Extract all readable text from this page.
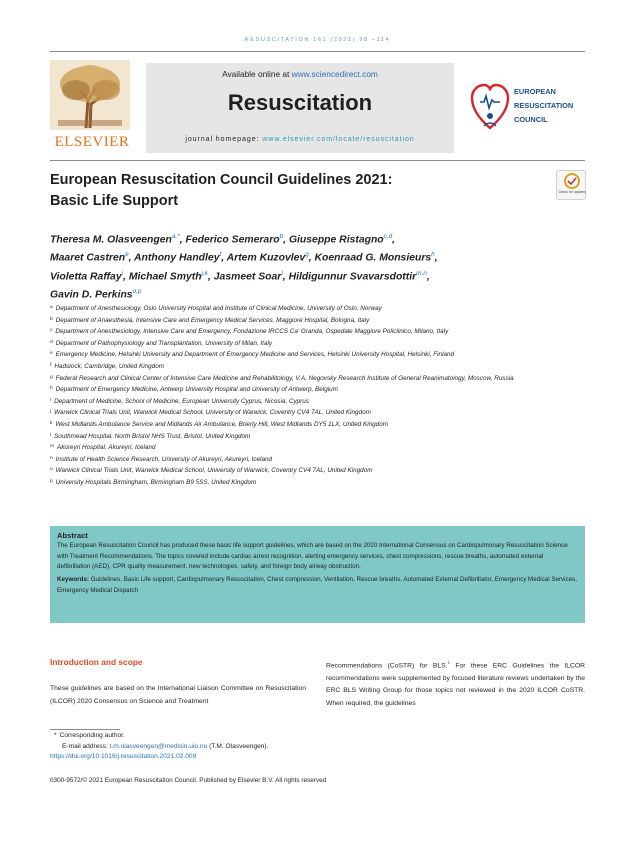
RESUSCITATION 161 (2021) 98 –114
ELSEVIER
Available online at www.sciencedirect.com
Resuscitation
journal homepage: www.elsevier.com/locate/resuscitation
EUROPEAN
RESUSCITATION
COUNCIL
European Resuscitation Council Guidelines 2021:
Basic Life Support
Check for updates
Theresa M. Olasveengen$^{a,*}$, Federico Semeraro$^b$, Giuseppe Ristagno$^{c,d}$,
Maaret Castren$^e$, Anthony Handley$^f$, Artem Kuzovlev$^g$, Koenraad G. Monsieurs$^h$,
Violetta Raffay$^i$, Michael Smyth$^{j,k}$, Jasmeet Soar$^l$, Hildigunnur Svavarsdottir$^{m,n}$,
Gavin D. Perkins$^{o,p}$
$^a$ Department of Anesthesiology, Oslo University Hospital and Institute of Clinical Medicine, University of Oslo, Norway
$^b$ Department of Anaesthesia, Intensive Care and Emergency Medical Services, Maggiore Hospital, Bologna, Italy
$^c$ Department of Anesthesiology, Intensive Care and Emergency, Fondazione IRCCS Ca' Granda, Ospedale Maggiore Policlinico, Milano, Italy
$^d$ Department of Pathophysiology and Transplantation, University of Milan, Italy
$^e$ Emergency Medicine, Helsinki University and Department of Emergency Medicine and Services, Helsinki University Hospital, Helsinki, Finland
$^f$ Hadstock, Cambridge, United Kingdom
$^g$ Federal Research and Clinical Center of Intensive Care Medicine and Rehabilitology, V.A. Negovsky Research Institute of General Reanimatology, Moscow, Russia
$^h$ Department of Emergency Medicine, Antwerp University Hospital and University of Antwerp, Belgium
$^i$ Department of Medicine, School of Medicine, European University Cyprus, Nicosia, Cyprus
$^j$ Warwick Clinical Trials Unit, Warwick Medical School, University of Warwick, Coventry CV4 7AL, United Kingdom
$^k$ West Midlands Ambulance Service and Midlands Air Ambulance, Brierly Hill, West Midlands DY5 1LX, United Kingdom
$^l$ Southmead Hospital, North Bristol NHS Trust, Bristol, United Kingdom
$^m$ Akureyri Hospital, Akureyri, Iceland
$^n$ Institute of Health Science Research, University of Akureyri, Akureyri, Iceland
$^o$ Warwick Clinical Trials Unit, Warwick Medical School, University of Warwick, Coventry CV4 7AL, United Kingdom
$^p$ University Hospitals Birmingham, Birmingham B9 5SS, United Kingdom
Abstract
The European Resuscitation Council has produced these basic life support guidelines, which are based on the 2020 International Consensus on Cardiopulmonary Resuscitation Science with Treatment Recommendations. The topics covered include cardiac arrest recognition, alerting emergency services, chest compressions, rescue breaths, automated external defibrillation (AED), CPR quality measurement, new technologies, safety, and foreign body airway obstruction.
Keywords: Guidelines, Basic Life support, Cardiopulmonary Resuscitation, Chest compression, Ventilation, Rescue breaths, Automated External Defibrillator, Emergency Medical Services, Emergency Medical Dispatch
Introduction and scope
These guidelines are based on the International Liaison Committee on Resuscitation (ILCOR) 2020 Consensus on Science and Treatment
Recommendations (CoSTR) for BLS.$^1$ For these ERC Guidelines the ILCOR recommendations were supplemented by focused literature reviews undertaken by the ERC BLS Writing Group for those topics not reviewed in the 2020 ILCOR CoSTR. When required, the guidelines
* Corresponding author.
E-mail address: t.m.olasveengen@medisin.uio.no (T.M. Olasveengen).
https://doi.org/10.1016/j.resuscitation.2021.02.009
0300-9572/© 2021 European Resuscitation Council. Published by Elsevier B.V. All rights reserved
